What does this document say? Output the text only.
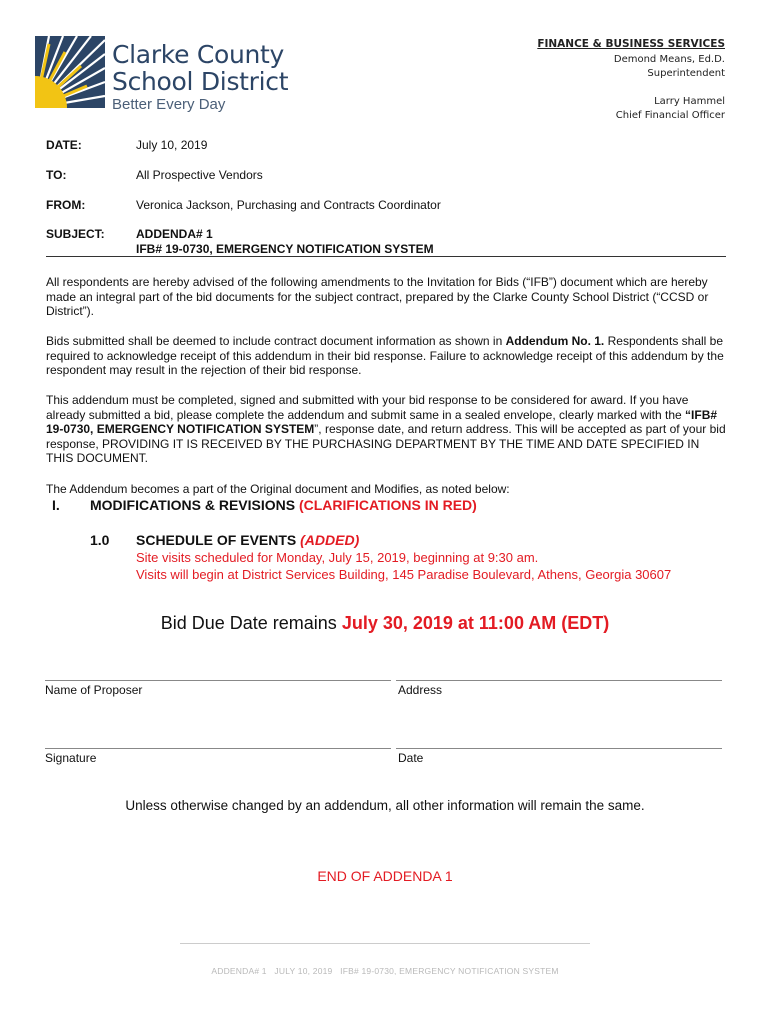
Clarke County
School District
Better Every Day
FINANCE & BUSINESS SERVICES
Demond Means, Ed.D.
Superintendent
Larry Hammel
Chief Financial Officer
DATE:	July 10, 2019
TO:	All Prospective Vendors
FROM:	Veronica Jackson, Purchasing and Contracts Coordinator
SUBJECT:	ADDENDA# 1
IFB# 19-0730, EMERGENCY NOTIFICATION SYSTEM
All respondents are hereby advised of the following amendments to the Invitation for Bids (“IFB”) document which are hereby made an integral part of the bid documents for the subject contract, prepared by the Clarke County School District (“CCSD or District”).
Bids submitted shall be deemed to include contract document information as shown in Addendum No. 1. Respondents shall be required to acknowledge receipt of this addendum in their bid response. Failure to acknowledge receipt of this addendum by the respondent may result in the rejection of their bid response.
This addendum must be completed, signed and submitted with your bid response to be considered for award. If you have already submitted a bid, please complete the addendum and submit same in a sealed envelope, clearly marked with the “IFB# 19-0730, EMERGENCY NOTIFICATION SYSTEM”, response date, and return address. This will be accepted as part of your bid response, PROVIDING IT IS RECEIVED BY THE PURCHASING DEPARTMENT BY THE TIME AND DATE SPECIFIED IN THIS DOCUMENT.
The Addendum becomes a part of the Original document and Modifies, as noted below:
I. MODIFICATIONS & REVISIONS (CLARIFICATIONS IN RED)
1.0 SCHEDULE OF EVENTS (ADDED)
Site visits scheduled for Monday, July 15, 2019, beginning at 9:30 am.
Visits will begin at District Services Building, 145 Paradise Boulevard, Athens, Georgia 30607
Bid Due Date remains July 30, 2019 at 11:00 AM (EDT)
Name of Proposer	Address
Signature	Date
Unless otherwise changed by an addendum, all other information will remain the same.
END OF ADDENDA 1
ADDENDA# 1   JULY 10, 2019   IFB# 19-0730, EMERGENCY NOTIFICATION SYSTEM
